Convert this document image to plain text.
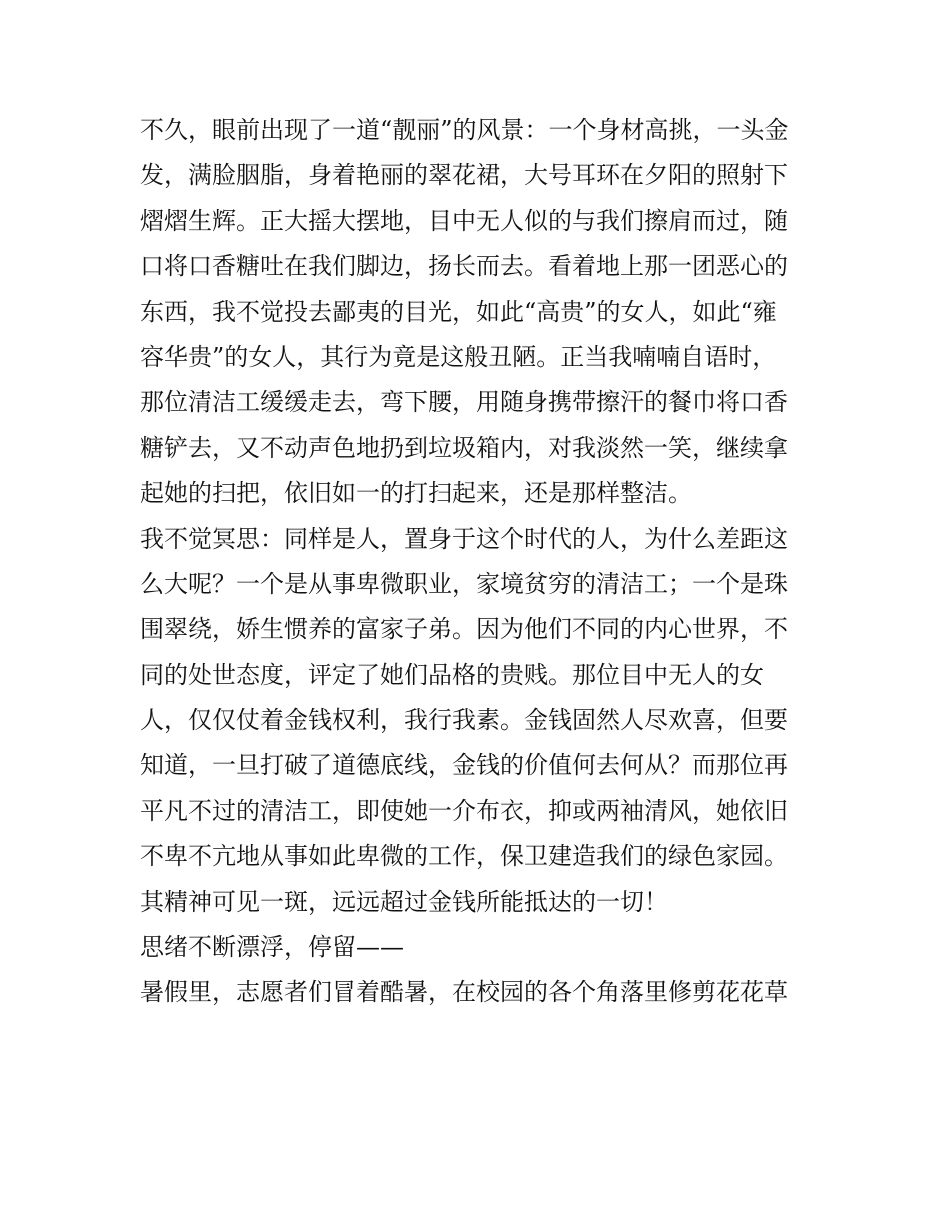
不久，眼前出现了一道“靓丽”的风景：一个身材高挑，一头金
发，满脸胭脂，身着艳丽的翠花裙，大号耳环在夕阳的照射下
熠熠生辉。正大摇大摆地，目中无人似的与我们擦肩而过，随
口将口香糖吐在我们脚边，扬长而去。看着地上那一团恶心的
东西，我不觉投去鄙夷的目光，如此“高贵”的女人，如此“雍
容华贵”的女人，其行为竟是这般丑陋。正当我喃喃自语时，
那位清洁工缓缓走去，弯下腰，用随身携带擦汗的餐巾将口香
糖铲去，又不动声色地扔到垃圾箱内，对我淡然一笑，继续拿
起她的扫把，依旧如一的打扫起来，还是那样整洁。
我不觉冥思：同样是人，置身于这个时代的人，为什么差距这
么大呢？一个是从事卑微职业，家境贫穷的清洁工；一个是珠
围翠绕，娇生惯养的富家子弟。因为他们不同的内心世界，不
同的处世态度，评定了她们品格的贵贱。那位目中无人的女
人，仅仅仗着金钱权利，我行我素。金钱固然人尽欢喜，但要
知道，一旦打破了道德底线，金钱的价值何去何从？而那位再
平凡不过的清洁工，即使她一介布衣，抑或两袖清风，她依旧
不卑不亢地从事如此卑微的工作，保卫建造我们的绿色家园。
其精神可见一斑，远远超过金钱所能抵达的一切！
思绪不断漂浮，停留——
暑假里，志愿者们冒着酷暑，在校园的各个角落里修剪花花草
